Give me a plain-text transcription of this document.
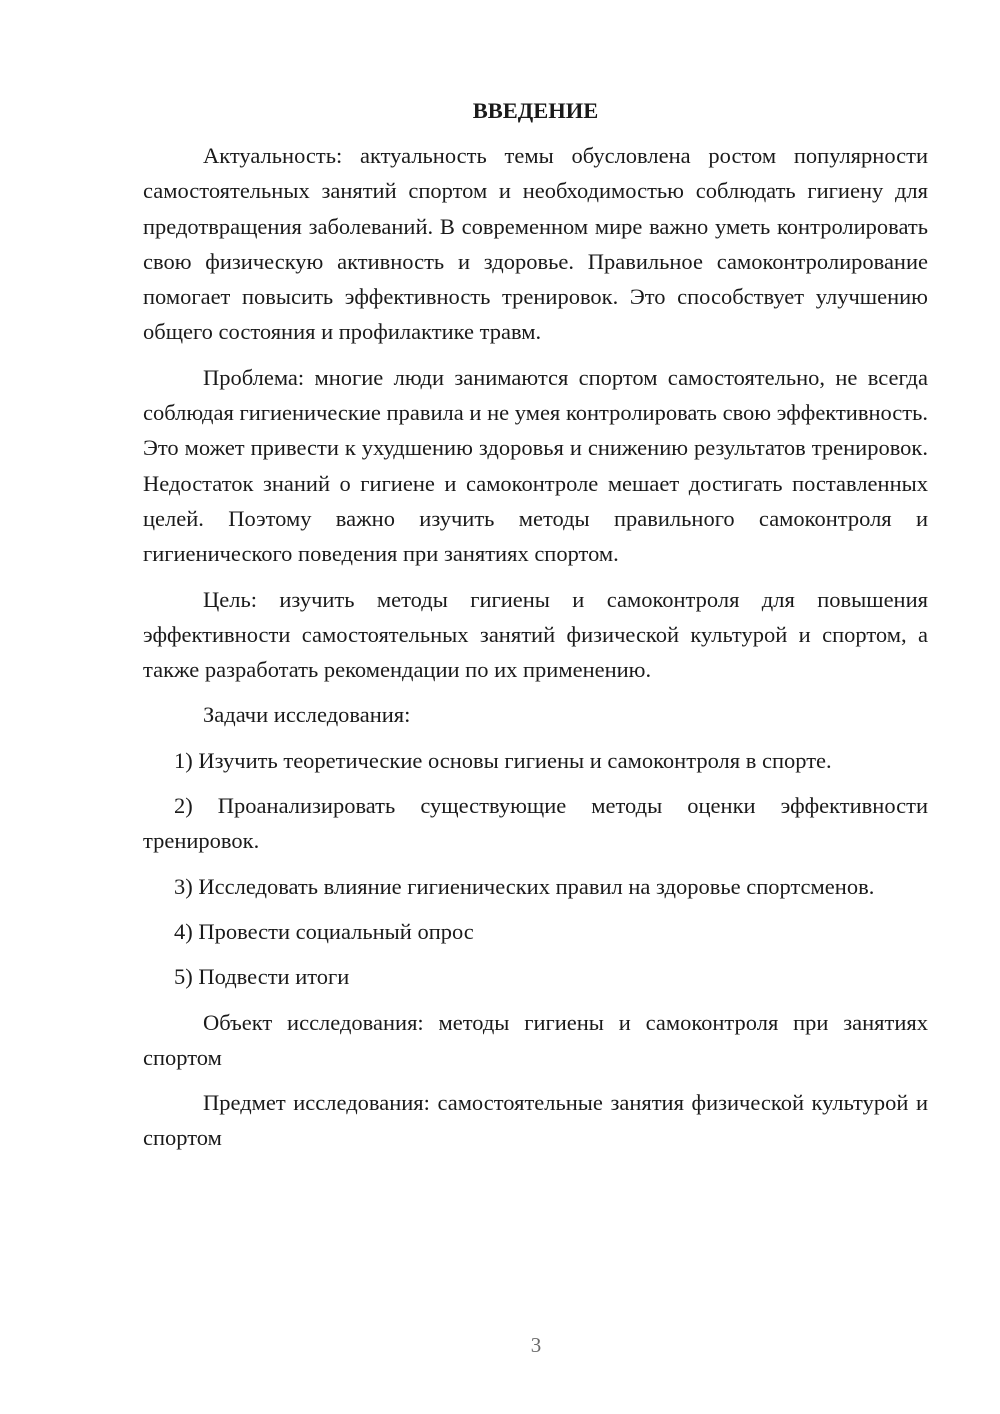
ВВЕДЕНИЕ

Актуальность: актуальность темы обусловлена ростом популярности самостоятельных занятий спортом и необходимостью соблюдать гигиену для предотвращения заболеваний. В современном мире важно уметь контролировать свою физическую активность и здоровье. Правильное самоконтролирование помогает повысить эффективность тренировок. Это способствует улучшению общего состояния и профилактике травм.

Проблема: многие люди занимаются спортом самостоятельно, не всегда соблюдая гигиенические правила и не умея контролировать свою эффективность. Это может привести к ухудшению здоровья и снижению результатов тренировок. Недостаток знаний о гигиене и самоконтроле мешает достигать поставленных целей. Поэтому важно изучить методы правильного самоконтроля и гигиенического поведения при занятиях спортом.

Цель: изучить методы гигиены и самоконтроля для повышения эффективности самостоятельных занятий физической культурой и спортом, а также разработать рекомендации по их применению.

Задачи исследования:

1) Изучить теоретические основы гигиены и самоконтроля в спорте.

2) Проанализировать существующие методы оценки эффективности тренировок.

3) Исследовать влияние гигиенических правил на здоровье спортсменов.

4) Провести социальный опрос

5) Подвести итоги

Объект исследования: методы гигиены и самоконтроля при занятиях спортом

Предмет исследования: самостоятельные занятия физической культурой и спортом

3
